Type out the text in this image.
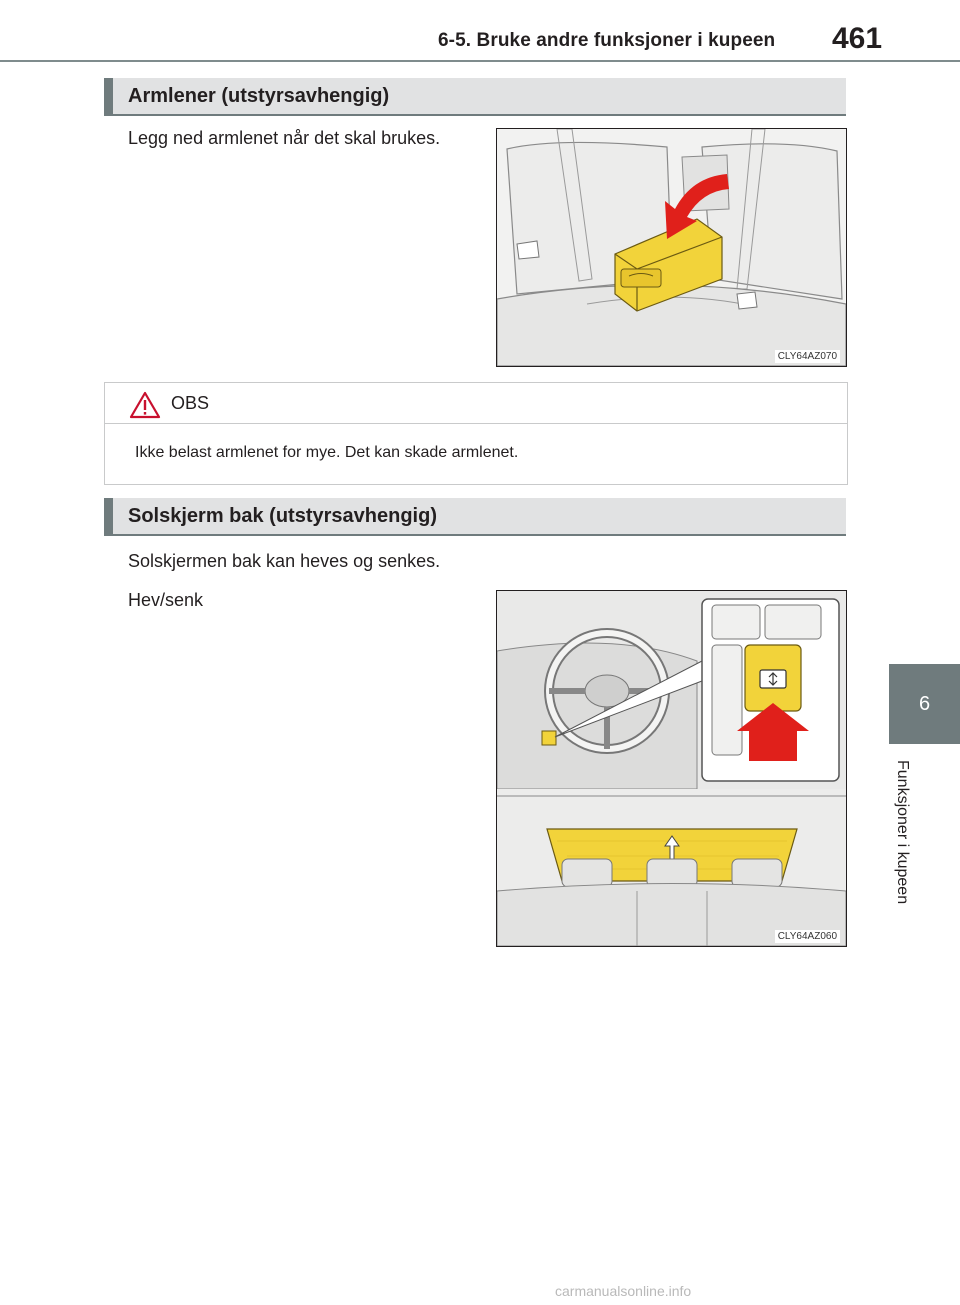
6-5. Bruke andre funksjoner i kupeen 461
6
Funksjoner i kupeen
Armlener (utstyrsavhengig)
Legg ned armlenet når det skal brukes.
CLY64AZ070
OBS
Ikke belast armlenet for mye. Det kan skade armlenet.
Solskjerm bak (utstyrsavhengig)
Solskjermen bak kan heves og senkes.
Hev/senk
CLY64AZ060
carmanualsonline.info
